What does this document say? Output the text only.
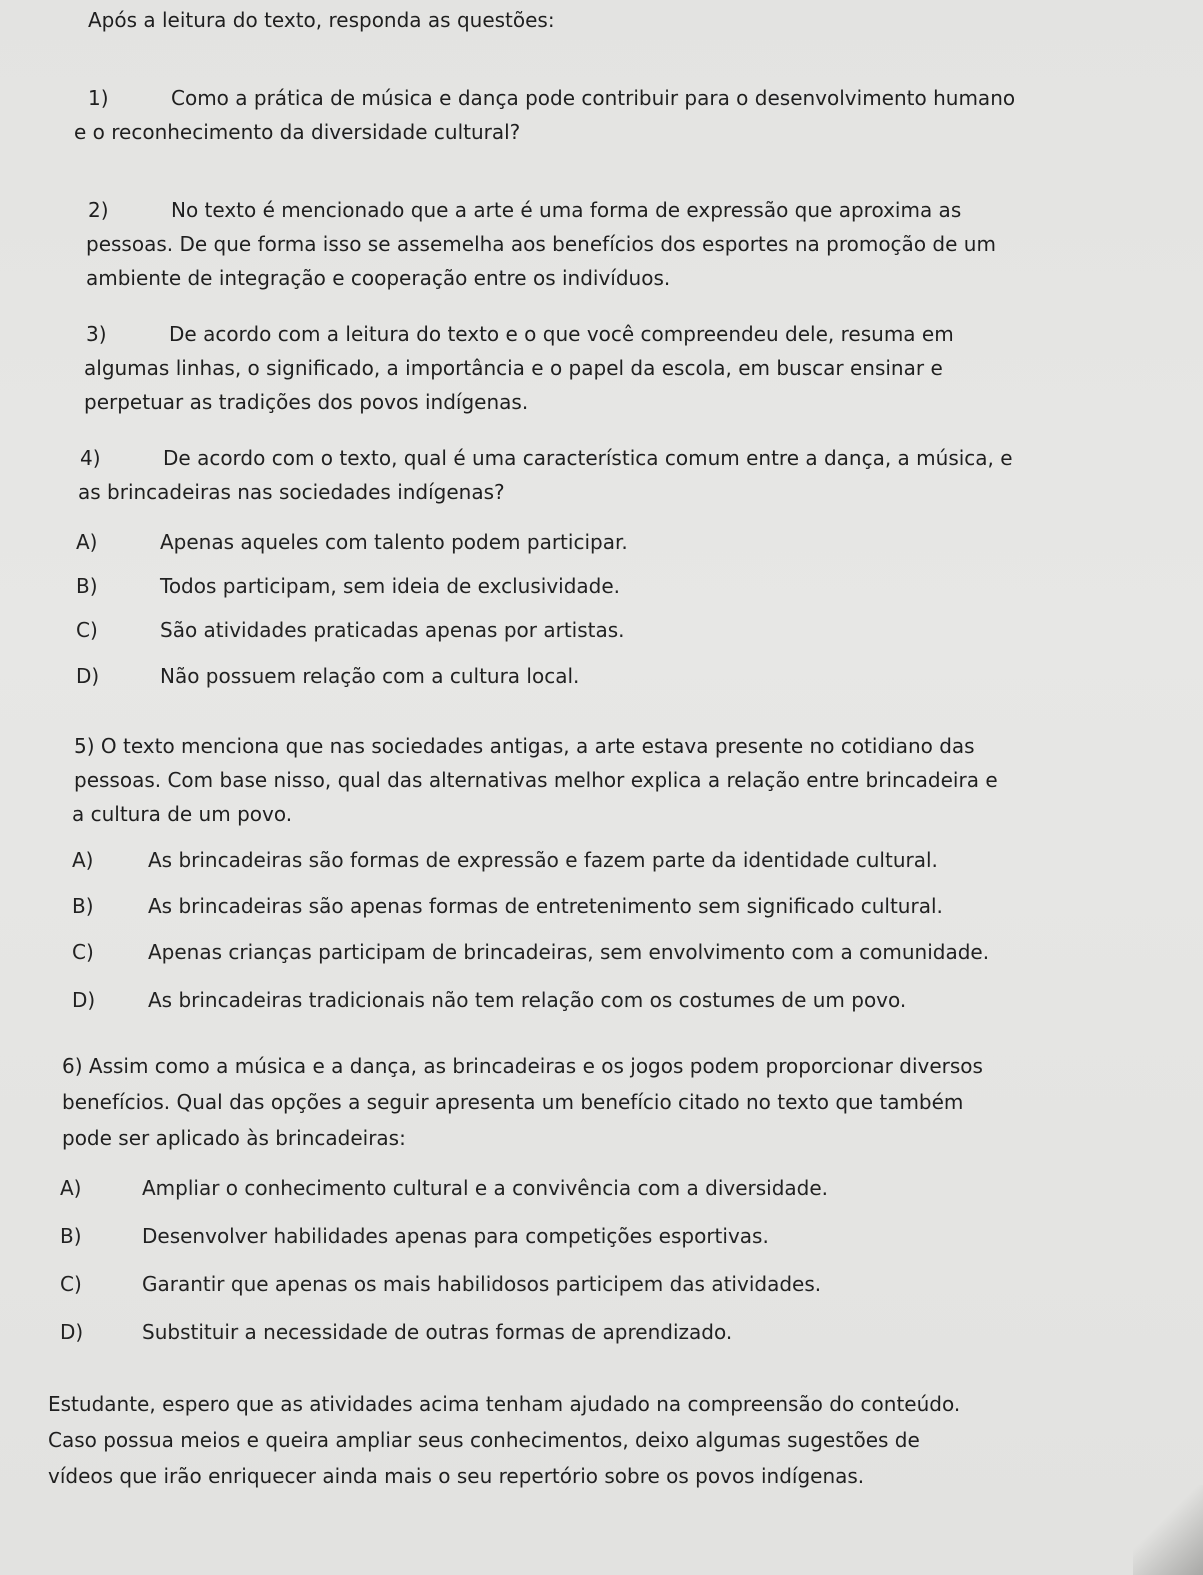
Após a leitura do texto, responda as questões:
1)	Como a prática de música e dança pode contribuir para o desenvolvimento humano
e o reconhecimento da diversidade cultural?
2)	No texto é mencionado que a arte é uma forma de expressão que aproxima as
pessoas. De que forma isso se assemelha aos benefícios dos esportes na promoção de um
ambiente de integração e cooperação entre os indivíduos.
3)	De acordo com a leitura do texto e o que você compreendeu dele, resuma em
algumas linhas, o significado, a importância e o papel da escola, em buscar ensinar e
perpetuar as tradições dos povos indígenas.
4)	De acordo com o texto, qual é uma característica comum entre a dança, a música, e
as brincadeiras nas sociedades indígenas?
A)	Apenas aqueles com talento podem participar.
B)	Todos participam, sem ideia de exclusividade.
C)	São atividades praticadas apenas por artistas.
D)	Não possuem relação com a cultura local.
5) O texto menciona que nas sociedades antigas, a arte estava presente no cotidiano das
pessoas. Com base nisso, qual das alternativas melhor explica a relação entre brincadeira e
a cultura de um povo.
A)	As brincadeiras são formas de expressão e fazem parte da identidade cultural.
B)	As brincadeiras são apenas formas de entretenimento sem significado cultural.
C)	Apenas crianças participam de brincadeiras, sem envolvimento com a comunidade.
D)	As brincadeiras tradicionais não tem relação com os costumes de um povo.
6) Assim como a música e a dança, as brincadeiras e os jogos podem proporcionar diversos
benefícios. Qual das opções a seguir apresenta um benefício citado no texto que também
pode ser aplicado às brincadeiras:
A)	Ampliar o conhecimento cultural e a convivência com a diversidade.
B)	Desenvolver habilidades apenas para competições esportivas.
C)	Garantir que apenas os mais habilidosos participem das atividades.
D)	Substituir a necessidade de outras formas de aprendizado.
Estudante, espero que as atividades acima tenham ajudado na compreensão do conteúdo.
Caso possua meios e queira ampliar seus conhecimentos, deixo algumas sugestões de
vídeos que irão enriquecer ainda mais o seu repertório sobre os povos indígenas.
